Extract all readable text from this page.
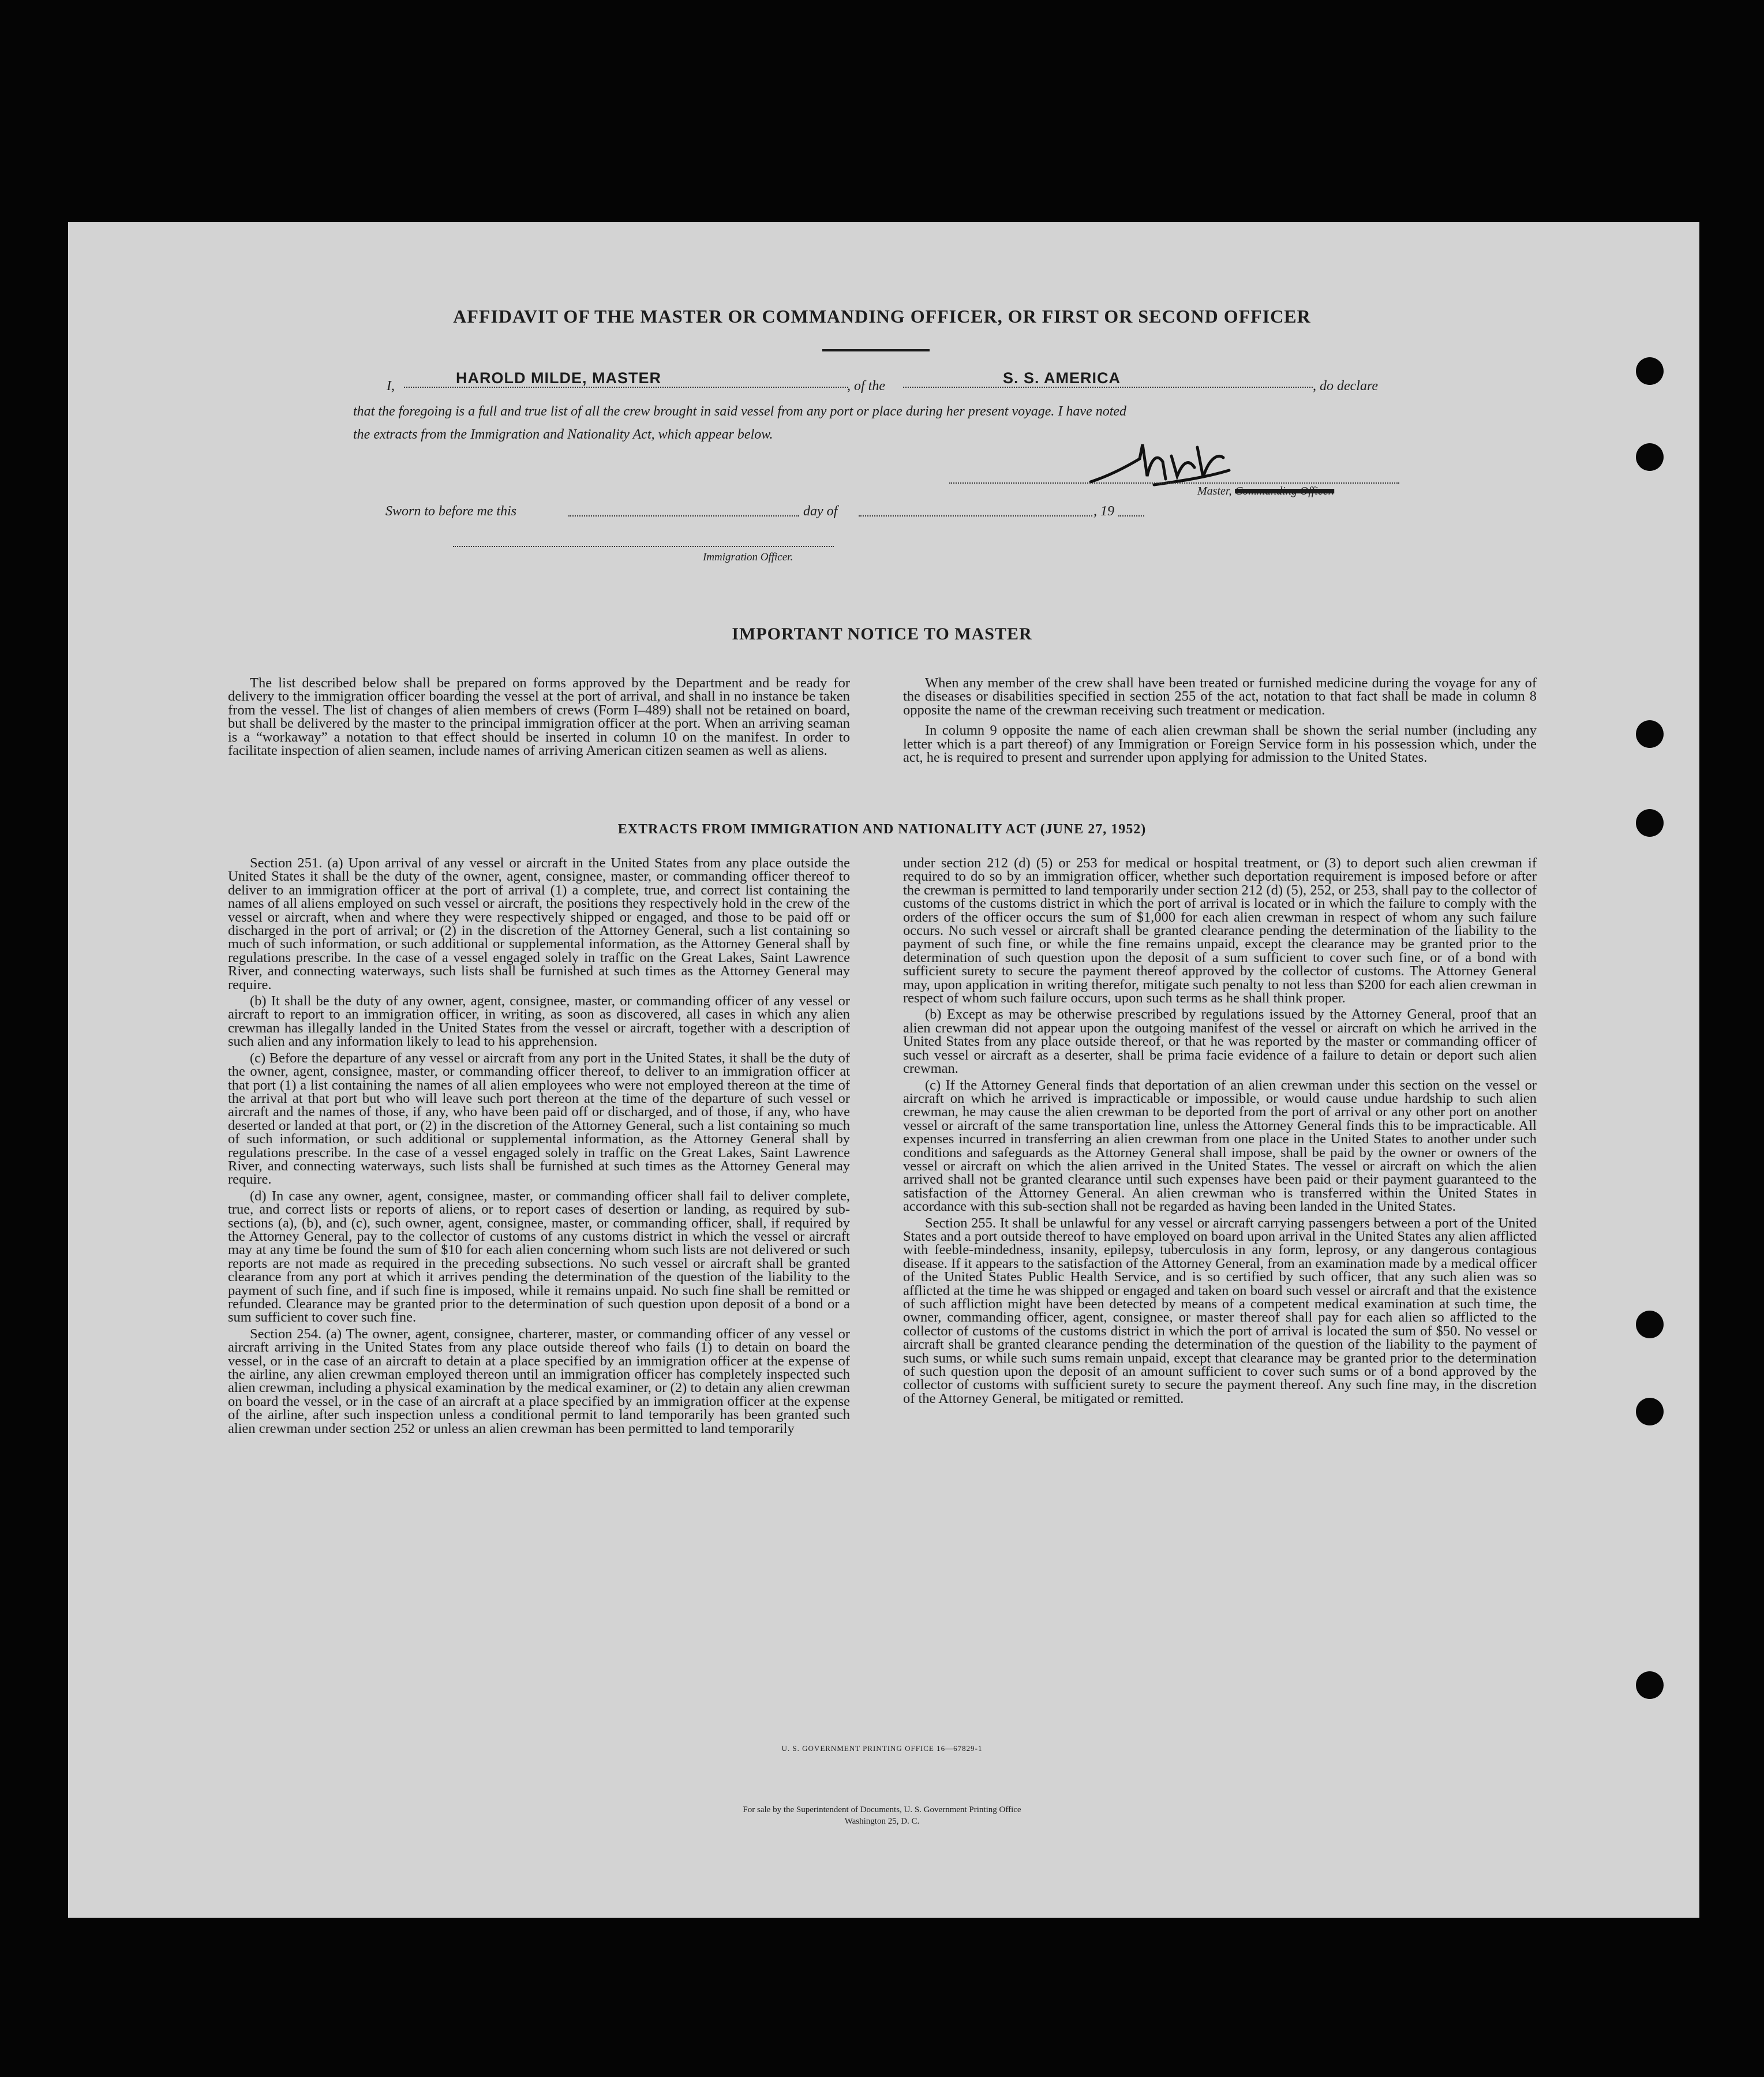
AFFIDAVIT OF THE MASTER OR COMMANDING OFFICER, OR FIRST OR SECOND OFFICER
I,	HAROLD MILDE, MASTER	, of the	S. S. AMERICA	, do declare
that the foregoing is a full and true list of all the crew brought in said vessel from any port or place during her present voyage. I have noted
the extracts from the Immigration and Nationality Act, which appear below.
Master, Commanding Officer.
Sworn to before me this	day of	, 19
Immigration Officer.
IMPORTANT NOTICE TO MASTER

The list described below shall be prepared on forms approved by the Department and be ready for delivery to the immigration officer boarding the vessel at the port of arrival, and shall in no instance be taken from the vessel. The list of changes of alien members of crews (Form I–489) shall not be retained on board, but shall be delivered by the master to the principal immigration officer at the port. When an arriving seaman is a “workaway” a notation to that effect should be inserted in column 10 on the manifest. In order to facilitate inspection of alien seamen, include names of arriving American citizen seamen as well as aliens.

When any member of the crew shall have been treated or furnished medicine during the voyage for any of the diseases or disabilities specified in section 255 of the act, notation to that fact shall be made in column 8 opposite the name of the crewman receiving such treatment or medication.

In column 9 opposite the name of each alien crewman shall be shown the serial number (including any letter which is a part thereof) of any Immigration or Foreign Service form in his possession which, under the act, he is required to present and surrender upon applying for admission to the United States.

EXTRACTS FROM IMMIGRATION AND NATIONALITY ACT (JUNE 27, 1952)

Section 251. (a) Upon arrival of any vessel or aircraft in the United States from any place outside the United States it shall be the duty of the owner, agent, consignee, master, or commanding officer thereof to deliver to an immigration officer at the port of arrival (1) a complete, true, and correct list containing the names of all aliens employed on such vessel or aircraft, the positions they respectively hold in the crew of the vessel or aircraft, when and where they were respectively shipped or engaged, and those to be paid off or discharged in the port of arrival; or (2) in the discretion of the Attorney General, such a list containing so much of such information, or such additional or supplemental information, as the Attorney General shall by regulations prescribe. In the case of a vessel engaged solely in traffic on the Great Lakes, Saint Lawrence River, and connecting waterways, such lists shall be furnished at such times as the Attorney General may require.

(b) It shall be the duty of any owner, agent, consignee, master, or commanding officer of any vessel or aircraft to report to an immigration officer, in writing, as soon as discovered, all cases in which any alien crewman has illegally landed in the United States from the vessel or aircraft, together with a description of such alien and any information likely to lead to his apprehension.

(c) Before the departure of any vessel or aircraft from any port in the United States, it shall be the duty of the owner, agent, consignee, master, or commanding officer thereof, to deliver to an immigration officer at that port (1) a list containing the names of all alien employees who were not employed thereon at the time of the arrival at that port but who will leave such port thereon at the time of the departure of such vessel or aircraft and the names of those, if any, who have been paid off or discharged, and of those, if any, who have deserted or landed at that port, or (2) in the discretion of the Attorney General, such a list containing so much of such information, or such additional or supplemental information, as the Attorney General shall by regulations prescribe. In the case of a vessel engaged solely in traffic on the Great Lakes, Saint Lawrence River, and connecting waterways, such lists shall be furnished at such times as the Attorney General may require.

(d) In case any owner, agent, consignee, master, or commanding officer shall fail to deliver complete, true, and correct lists or reports of aliens, or to report cases of desertion or landing, as required by sub-sections (a), (b), and (c), such owner, agent, consignee, master, or commanding officer, shall, if required by the Attorney General, pay to the collector of customs of any customs district in which the vessel or aircraft may at any time be found the sum of $10 for each alien concerning whom such lists are not delivered or such reports are not made as required in the preceding subsections. No such vessel or aircraft shall be granted clearance from any port at which it arrives pending the determination of the question of the liability to the payment of such fine, and if such fine is imposed, while it remains unpaid. No such fine shall be remitted or refunded. Clearance may be granted prior to the determination of such question upon deposit of a bond or a sum sufficient to cover such fine.

Section 254. (a) The owner, agent, consignee, charterer, master, or commanding officer of any vessel or aircraft arriving in the United States from any place outside thereof who fails (1) to detain on board the vessel, or in the case of an aircraft to detain at a place specified by an immigration officer at the expense of the airline, any alien crewman employed thereon until an immigration officer has completely inspected such alien crewman, including a physical examination by the medical examiner, or (2) to detain any alien crewman on board the vessel, or in the case of an aircraft at a place specified by an immigration officer at the expense of the airline, after such inspection unless a conditional permit to land temporarily has been granted such alien crewman under section 252 or unless an alien crewman has been permitted to land temporarily

under section 212 (d) (5) or 253 for medical or hospital treatment, or (3) to deport such alien crewman if required to do so by an immigration officer, whether such deportation requirement is imposed before or after the crewman is permitted to land temporarily under section 212 (d) (5), 252, or 253, shall pay to the collector of customs of the customs district in which the port of arrival is located or in which the failure to comply with the orders of the officer occurs the sum of $1,000 for each alien crewman in respect of whom any such failure occurs. No such vessel or aircraft shall be granted clearance pending the determination of the liability to the payment of such fine, or while the fine remains unpaid, except the clearance may be granted prior to the determination of such question upon the deposit of a sum sufficient to cover such fine, or of a bond with sufficient surety to secure the payment thereof approved by the collector of customs. The Attorney General may, upon application in writing therefor, mitigate such penalty to not less than $200 for each alien crewman in respect of whom such failure occurs, upon such terms as he shall think proper.

(b) Except as may be otherwise prescribed by regulations issued by the Attorney General, proof that an alien crewman did not appear upon the outgoing manifest of the vessel or aircraft on which he arrived in the United States from any place outside thereof, or that he was reported by the master or commanding officer of such vessel or aircraft as a deserter, shall be prima facie evidence of a failure to detain or deport such alien crewman.

(c) If the Attorney General finds that deportation of an alien crewman under this section on the vessel or aircraft on which he arrived is impracticable or impossible, or would cause undue hardship to such alien crewman, he may cause the alien crewman to be deported from the port of arrival or any other port on another vessel or aircraft of the same transportation line, unless the Attorney General finds this to be impracticable. All expenses incurred in transferring an alien crewman from one place in the United States to another under such conditions and safeguards as the Attorney General shall impose, shall be paid by the owner or owners of the vessel or aircraft on which the alien arrived in the United States. The vessel or aircraft on which the alien arrived shall not be granted clearance until such expenses have been paid or their payment guaranteed to the satisfaction of the Attorney General. An alien crewman who is transferred within the United States in accordance with this sub-section shall not be regarded as having been landed in the United States.

Section 255. It shall be unlawful for any vessel or aircraft carrying passengers between a port of the United States and a port outside thereof to have employed on board upon arrival in the United States any alien afflicted with feeble-mindedness, insanity, epilepsy, tuberculosis in any form, leprosy, or any dangerous contagious disease. If it appears to the satisfaction of the Attorney General, from an examination made by a medical officer of the United States Public Health Service, and is so certified by such officer, that any such alien was so afflicted at the time he was shipped or engaged and taken on board such vessel or aircraft and that the existence of such affliction might have been detected by means of a competent medical examination at such time, the owner, commanding officer, agent, consignee, or master thereof shall pay for each alien so afflicted to the collector of customs of the customs district in which the port of arrival is located the sum of $50. No vessel or aircraft shall be granted clearance pending the determination of the question of the liability to the payment of such sums, or while such sums remain unpaid, except that clearance may be granted prior to the determination of such question upon the deposit of an amount sufficient to cover such sums or of a bond approved by the collector of customs with sufficient surety to secure the payment thereof. Any such fine may, in the discretion of the Attorney General, be mitigated or remitted.

U. S. GOVERNMENT PRINTING OFFICE 16—67829-1
For sale by the Superintendent of Documents, U. S. Government Printing Office
Washington 25, D. C.
